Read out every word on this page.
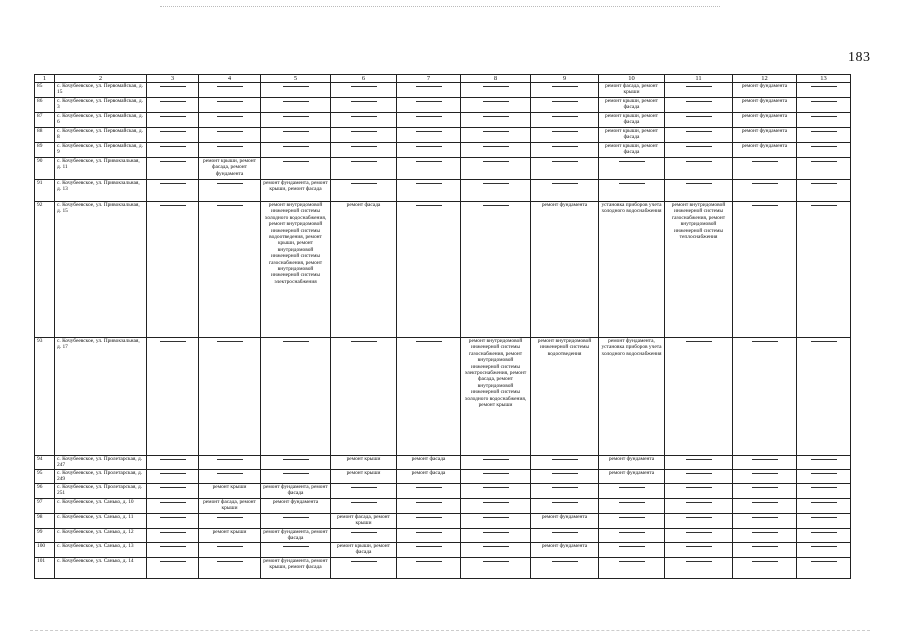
183
1	2	3	4	5	6	7	8	9	10	11	12	13
85	с. Кочубеевское, ул. Первомайская, д. 15								ремонт фасада, ремонт крыши		ремонт фундамента	

86	с. Кочубеевское, ул. Первомайская, д. 3								ремонт крыши, ремонт фасада		ремонт фундамента	

87	с. Кочубеевское, ул. Первомайская, д. 6								ремонт крыши, ремонт фасада		ремонт фундамента	

88	с. Кочубеевское, ул. Первомайская, д. 8								ремонт крыши, ремонт фасада		ремонт фундамента	

89	с. Кочубеевское, ул. Первомайская, д. 9								ремонт крыши, ремонт фасада		ремонт фундамента	

90	с. Кочубеевское, ул. Привокзальная, д. 11		ремонт крыши, ремонт фасада, ремонт фундамента	

91	с. Кочубеевское, ул. Привокзальная, д. 13			ремонт фундамента, ремонт крыши, ремонт фасада	

92	с. Кочубеевское, ул. Привокзальная, д. 15			ремонт внутридомовой инженерной системы холодного водоснабжения, ремонт внутридомовой инженерной системы водоотведения, ремонт крыши, ремонт внутридомовой инженерной системы газоснабжения, ремонт внутридомовой инженерной системы электроснабжения	ремонт фасада			ремонт фундамента	установка приборов учета холодного водоснабжения	ремонт внутридомовой инженерной системы газоснабжения, ремонт внутридомовой инженерной системы теплоснабжения	

93	с. Кочубеевское, ул. Привокзальная, д. 17						ремонт внутридомовой инженерной системы газоснабжения, ремонт внутридомовой инженерной системы электроснабжения, ремонт фасада, ремонт внутридомовой инженерной системы холодного водоснабжения, ремонт крыши	ремонт внутридомовой инженерной системы водоотведения	ремонт фундамента, установка приборов учета холодного водоснабжения	

94	с. Кочубеевское, ул. Пролетарская, д. 247				ремонт крыши	ремонт фасада			ремонт фундамента	

95	с. Кочубеевское, ул. Пролетарская, д. 249				ремонт крыши	ремонт фасада			ремонт фундамента	

96	с. Кочубеевское, ул. Пролетарская, д. 251		ремонт крыши	ремонт фундамента, ремонт фасада	

97	с. Кочубеевское, ул. Санько, д. 10		ремонт фасада, ремонт крыши	ремонт фундамента	

98	с. Кочубеевское, ул. Санько, д. 11				ремонт фасада, ремонт крыши			ремонт фундамента	

99	с. Кочубеевское, ул. Санько, д. 12		ремонт крыши	ремонт фундамента, ремонт фасада	

100	с. Кочубеевское, ул. Санько, д. 13				ремонт крыши, ремонт фасада			ремонт фундамента	

101	с. Кочубеевское, ул. Санько, д. 14			ремонт фундамента, ремонт крыши, ремонт фасада	
